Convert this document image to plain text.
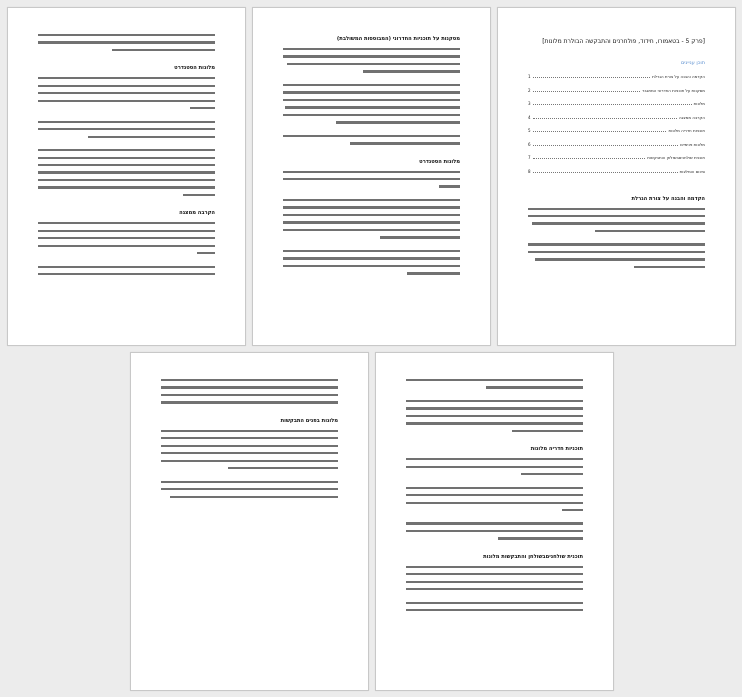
[פרק 5 - בטאמורו, חידוד, פולחרנים והתבקשה הבולרת מלונות]
תוכן עניינים
הקדמה והבנה על צורת הגרלת
1
מסקנות על תוכניות החדרוני המתגבר
2
מלונות
3
הקרבה ממצגה
4
תוכניות חדריה מלונות
5
מלונות פנימיים
6
תוכנית שולחניםבשולחן והתבקשות
7
סיכום והמלצות
8
הקדמה והבנה על צורת הגרלת
מסקנות על תוכניות החדרוני (המבוססות המשולבת)
מלונות הסטנדרט
מלונות הסטנדרט
הקרבה ממצגה
תוכניות חדריה מלונות
תוכנית שולחניםבשולחן והתבקשות מלונות
מלונות בפנים התבקשות
